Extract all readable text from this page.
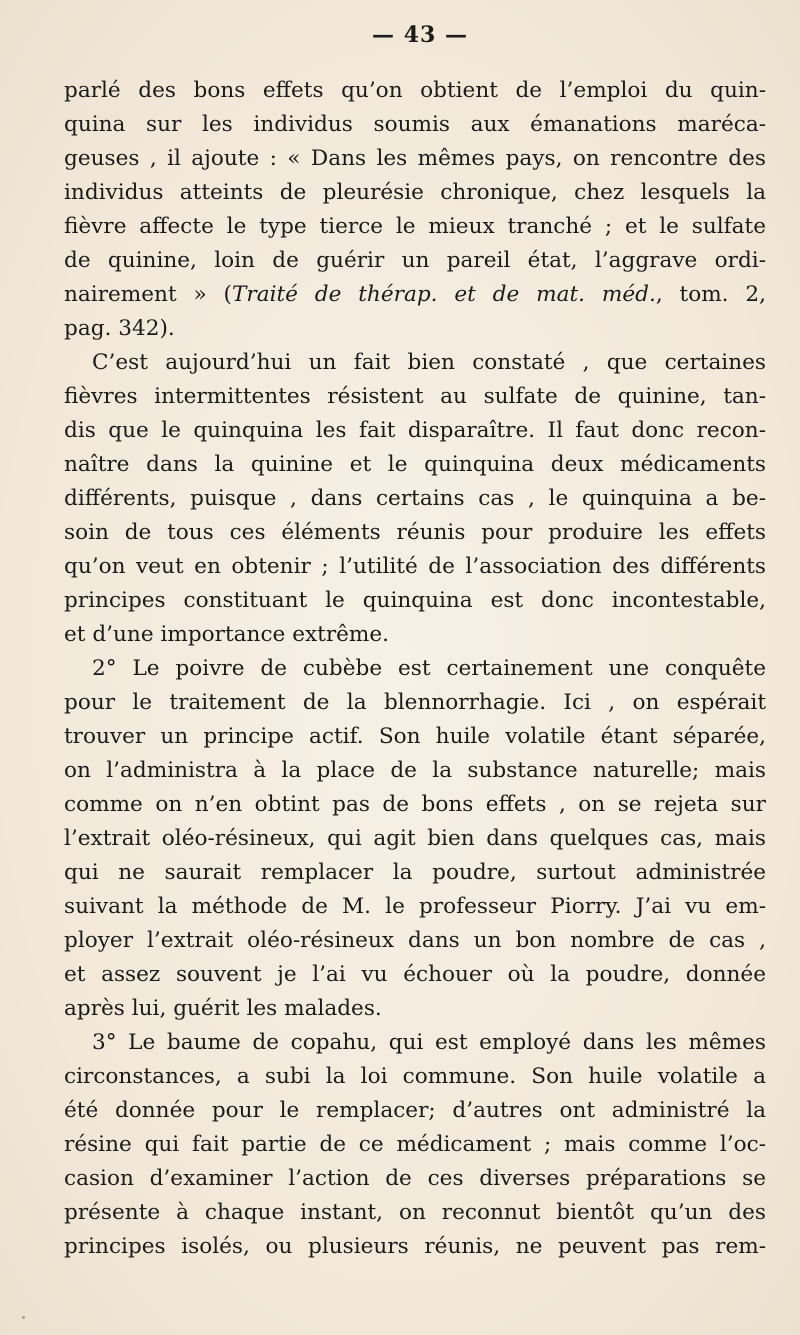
— 43 —
parlé des bons effets qu’on obtient de l’emploi du quin-
quina sur les individus soumis aux émanations maréca-
geuses , il ajoute : « Dans les mêmes pays, on rencontre des
individus atteints de pleurésie chronique, chez lesquels la
fièvre affecte le type tierce le mieux tranché ; et le sulfate
de quinine, loin de guérir un pareil état, l’aggrave ordi-
nairement » (Traité de thérap. et de mat. méd., tom. 2,
pag. 342).
C’est aujourd’hui un fait bien constaté , que certaines
fièvres intermittentes résistent au sulfate de quinine, tan-
dis que le quinquina les fait disparaître. Il faut donc recon-
naître dans la quinine et le quinquina deux médicaments
différents, puisque , dans certains cas , le quinquina a be-
soin de tous ces éléments réunis pour produire les effets
qu’on veut en obtenir ; l’utilité de l’association des différents
principes constituant le quinquina est donc incontestable,
et d’une importance extrême.
2° Le poivre de cubèbe est certainement une conquête
pour le traitement de la blennorrhagie. Ici , on espérait
trouver un principe actif. Son huile volatile étant séparée,
on l’administra à la place de la substance naturelle; mais
comme on n’en obtint pas de bons effets , on se rejeta sur
l’extrait oléo-résineux, qui agit bien dans quelques cas, mais
qui ne saurait remplacer la poudre, surtout administrée
suivant la méthode de M. le professeur Piorry. J’ai vu em-
ployer l’extrait oléo-résineux dans un bon nombre de cas ,
et assez souvent je l’ai vu échouer où la poudre, donnée
après lui, guérit les malades.
3° Le baume de copahu, qui est employé dans les mêmes
circonstances, a subi la loi commune. Son huile volatile a
été donnée pour le remplacer; d’autres ont administré la
résine qui fait partie de ce médicament ; mais comme l’oc-
casion d’examiner l’action de ces diverses préparations se
présente à chaque instant, on reconnut bientôt qu’un des
principes isolés, ou plusieurs réunis, ne peuvent pas rem-
